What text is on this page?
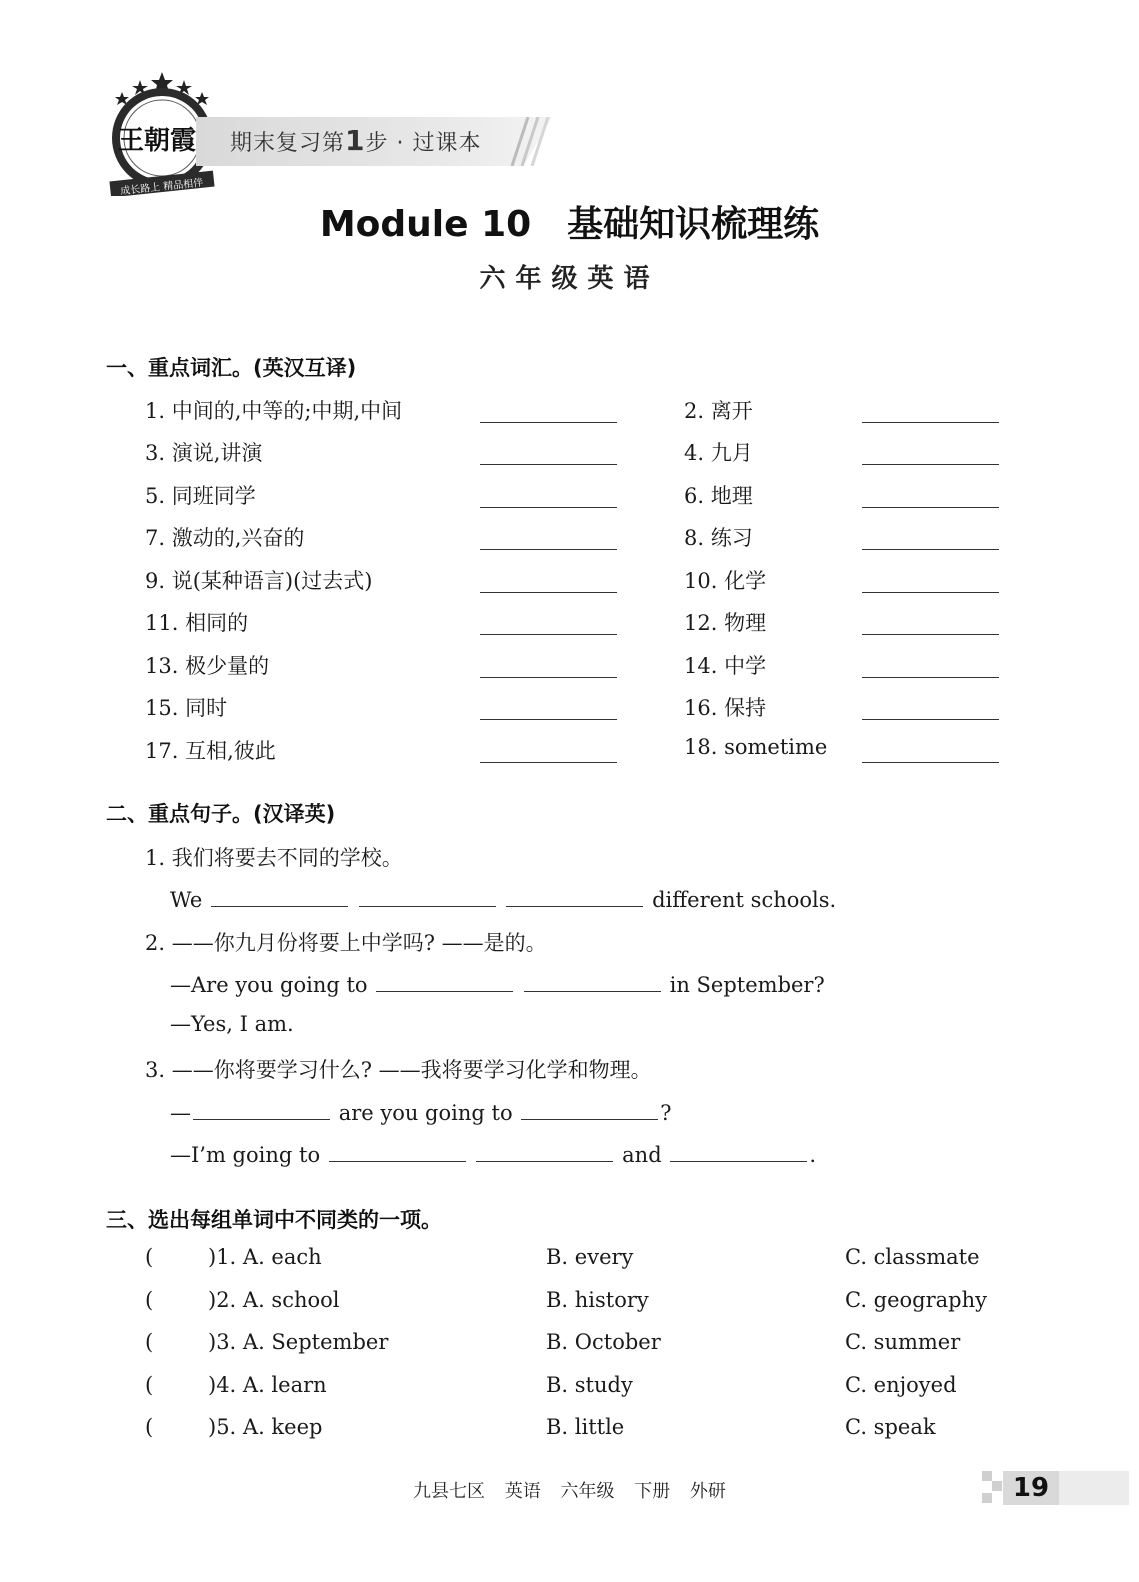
王朝霞
成长路上 精品相伴
期末复习第1步 · 过课本
Module 10　基础知识梳理练
六年级英语
一、重点词汇。(英汉互译)
1. 中间的,中等的;中期,中间	2. 离开
3. 演说,讲演	4. 九月
5. 同班同学	6. 地理
7. 激动的,兴奋的	8. 练习
9. 说(某种语言)(过去式)	10. 化学
11. 相同的	12. 物理
13. 极少量的	14. 中学
15. 同时	16. 保持
17. 互相,彼此	18. sometime
二、重点句子。(汉译英)
1. 我们将要去不同的学校。
We	different schools.
2. ——你九月份将要上中学吗? ——是的。
—Are you going to	in September?
—Yes, I am.
3. ——你将要学习什么? ——我将要学习化学和物理。
—	are you going to	?
—I’m going to	and	.
三、选出每组单词中不同类的一项。
(	)1. A. each	B. every	C. classmate
(	)2. A. school	B. history	C. geography
(	)3. A. September	B. October	C. summer
(	)4. A. learn	B. study	C. enjoyed
(	)5. A. keep	B. little	C. speak
九县七区 英语 六年级 下册 外研	19
